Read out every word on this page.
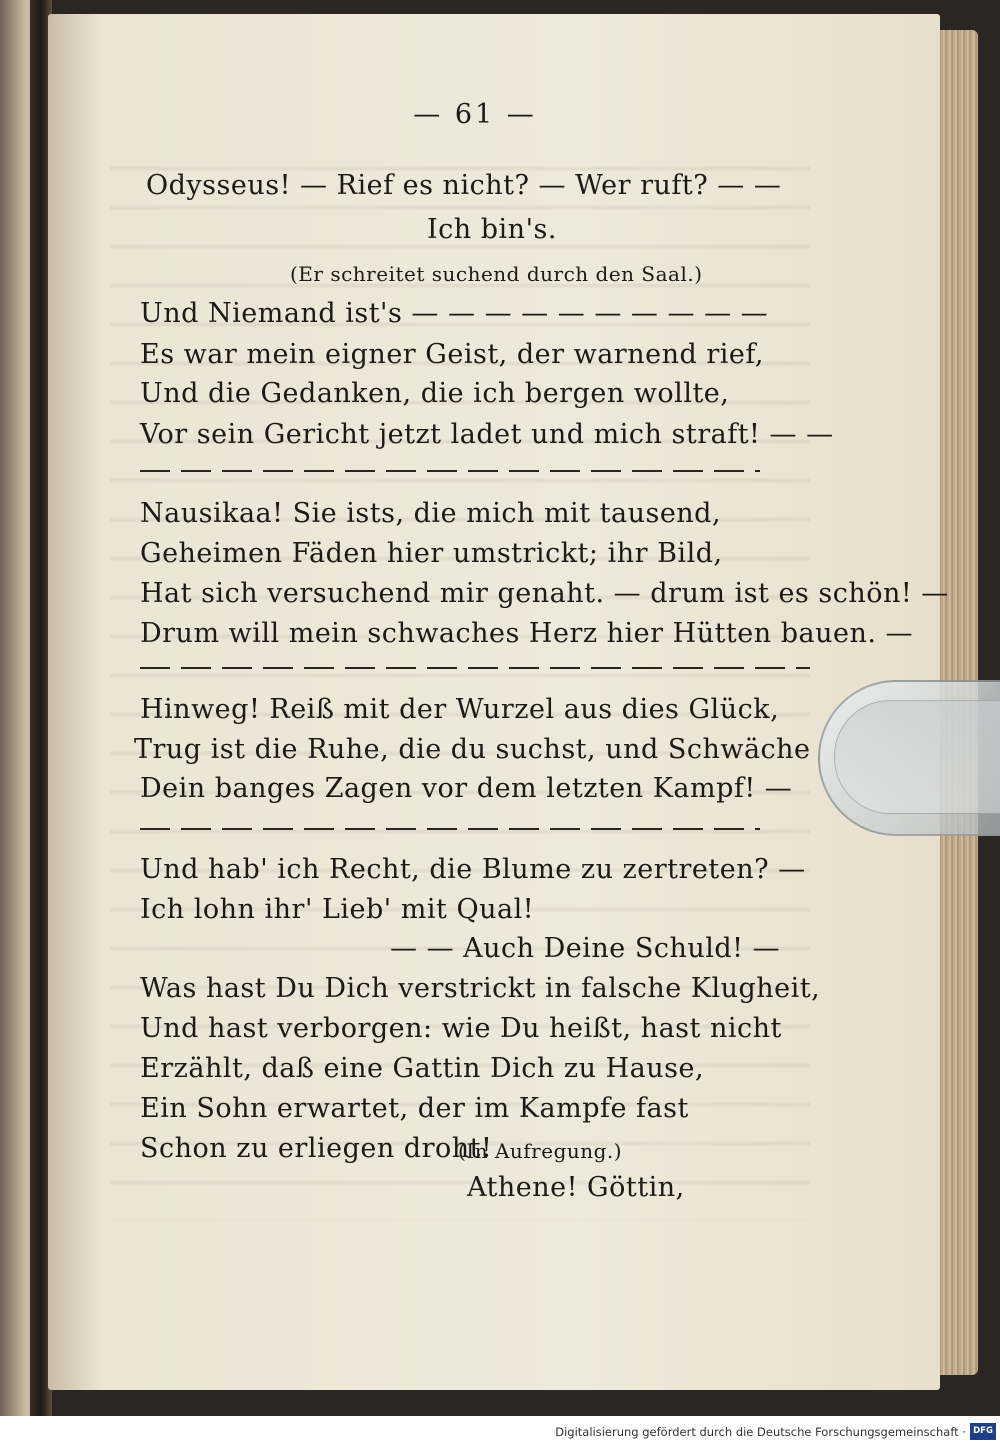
— 61 —
Odysseus! — Rief es nicht? — Wer ruft? — —
Ich bin's.
(Er schreitet suchend durch den Saal.)
Und Niemand ist's — — — — — — — — — —
Es war mein eigner Geist, der warnend rief,
Und die Gedanken, die ich bergen wollte,
Vor sein Gericht jetzt ladet und mich straft! — —
Nausikaa! Sie ists, die mich mit tausend,
Geheimen Fäden hier umstrickt; ihr Bild,
Hat sich versuchend mir genaht. — drum ist es schön! —
Drum will mein schwaches Herz hier Hütten bauen. —
Hinweg! Reiß mit der Wurzel aus dies Glück,
Trug ist die Ruhe, die du suchst, und Schwäche
Dein banges Zagen vor dem letzten Kampf! —
Und hab' ich Recht, die Blume zu zertreten? —
Ich lohn ihr' Lieb' mit Qual!
— — Auch Deine Schuld! —
Was hast Du Dich verstrickt in falsche Klugheit,
Und hast verborgen: wie Du heißt, hast nicht
Erzählt, daß eine Gattin Dich zu Hause,
Ein Sohn erwartet, der im Kampfe fast
Schon zu erliegen droht!
(In Aufregung.)
Athene! Göttin,
Digitalisierung gefördert durch die Deutsche Forschungsgemeinschaft · DFG
